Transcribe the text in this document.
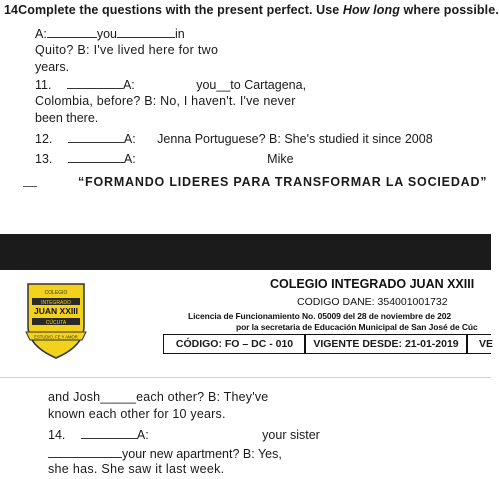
14Complete the questions with the present perfect. Use How long where possible.
A:	you	in
Quito? B: I've lived here for two
years.
11.	A:	you__to Cartagena,
Colombia, before? B: No, I haven't. I've never
been there.
12.	A: Jenna Portuguese? B: She's studied it since 2008
13.	A:	Mike
“FORMANDO LIDERES PARA TRANSFORMAR LA SOCIEDAD”
COLEGIO
INTEGRADO
JUAN XXIII
CÚCUTA
ESTUDIO, FE Y AMOR
COLEGIO INTEGRADO JUAN XXIII
CODIGO DANE: 354001001732
Licencia de Funcionamiento No. 05009 del 28 de noviembre de 202
por la secretaria de Educación Municipal de San José de Cúc
CÓDIGO: FO – DC - 010 VIGENTE DESDE: 21-01-2019 VE
and Josh_____each other? B: They've
known each other for 10 years.
14.	A:	your sister
your new apartment? B: Yes,
she has. She saw it last week.
